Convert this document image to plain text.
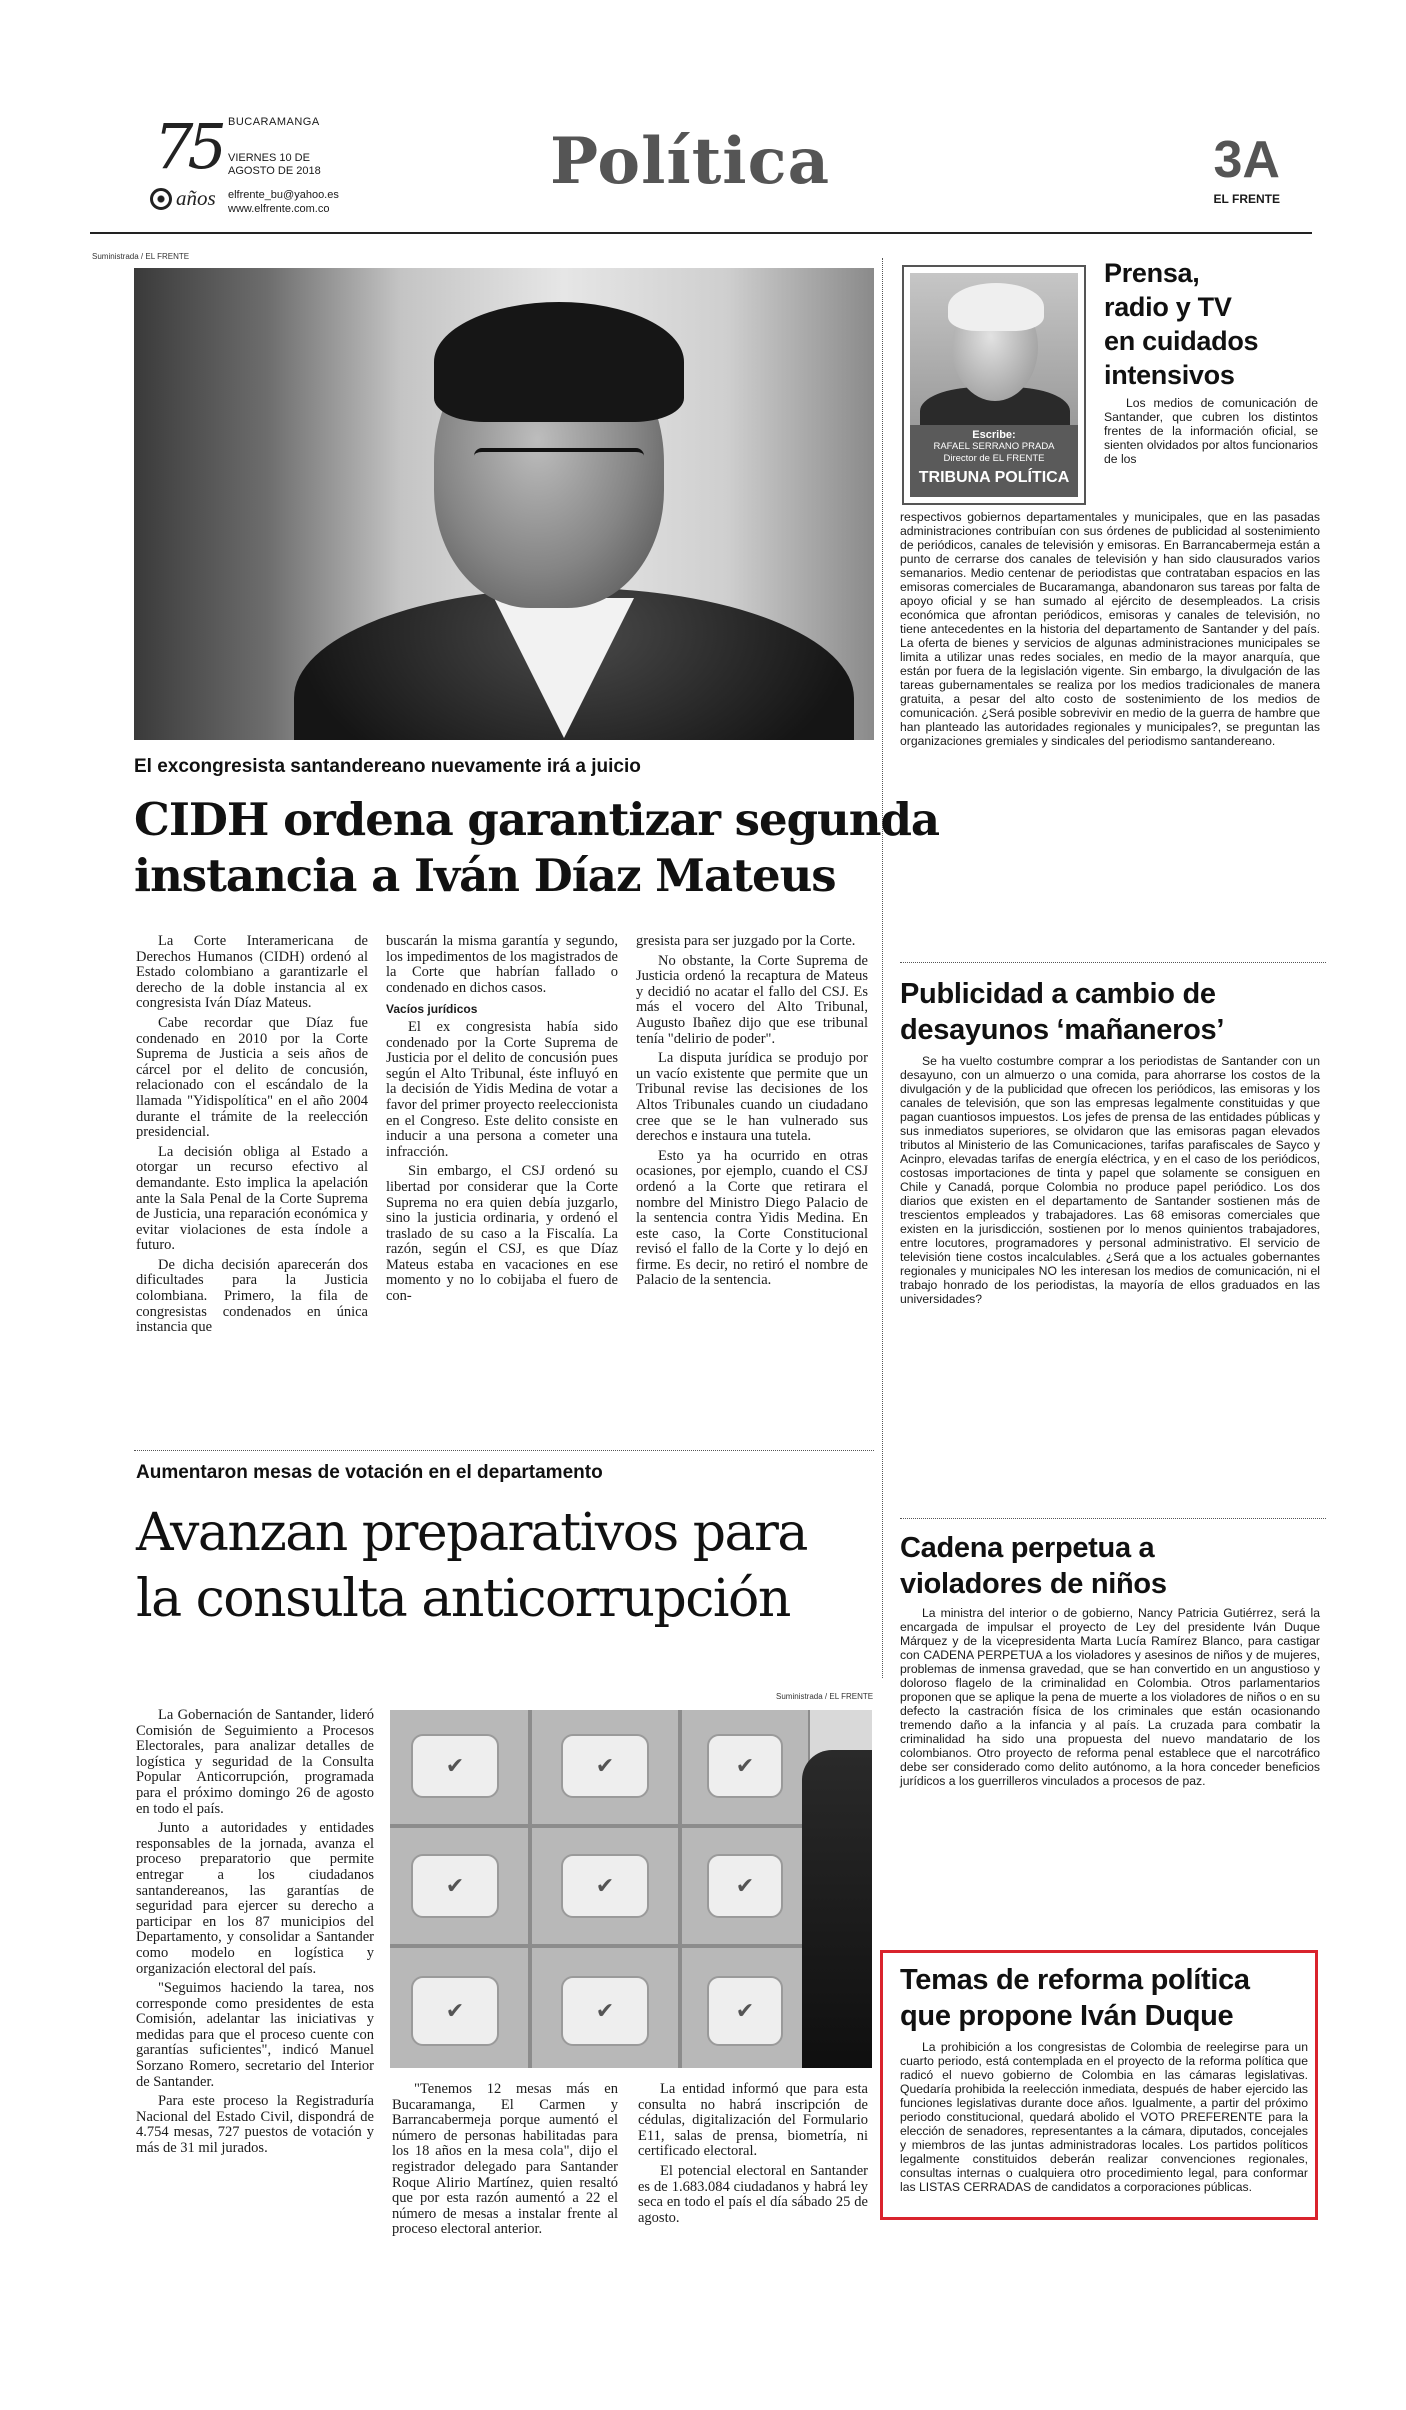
75
años
BUCARAMANGA
VIERNES 10 DE AGOSTO DE 2018
elfrente_bu@yahoo.es
www.elfrente.com.co
Política	3A
EL FRENTE
Suministrada / EL FRENTE
El excongresista santandereano nuevamente irá a juicio
CIDH ordena garantizar segunda
instancia a Iván Díaz Mateus

La Corte Interamericana de Derechos Humanos (CIDH) ordenó al Estado colombiano a garantizarle el derecho de la doble instancia al ex congresista Iván Díaz Mateus.

Cabe recordar que Díaz fue condenado en 2010 por la Corte Suprema de Justicia a seis años de cárcel por el delito de concusión, relacionado con el escándalo de la llamada "Yidispolítica" en el año 2004 durante el trámite de la reelección presidencial.

La decisión obliga al Estado a otorgar un recurso efectivo al demandante. Esto implica la apelación ante la Sala Penal de la Corte Suprema de Justicia, una reparación económica y evitar violaciones de esta índole a futuro.

De dicha decisión aparecerán dos dificultades para la Justicia colombiana. Primero, la fila de congresistas condenados en única instancia que

buscarán la misma garantía y segundo, los impedimentos de los magistrados de la Corte que habrían fallado o condenado en dichos casos.

Vacíos jurídicos

El ex congresista había sido condenado por la Corte Suprema de Justicia por el delito de concusión pues según el Alto Tribunal, éste influyó en la decisión de Yidis Medina de votar a favor del primer proyecto reeleccionista en el Congreso. Este delito consiste en inducir a una persona a cometer una infracción.

Sin embargo, el CSJ ordenó su libertad por considerar que la Corte Suprema no era quien debía juzgarlo, sino la justicia ordinaria, y ordenó el traslado de su caso a la Fiscalía. La razón, según el CSJ, es que Díaz Mateus estaba en vacaciones en ese momento y no lo cobijaba el fuero de con-

gresista para ser juzgado por la Corte.

No obstante, la Corte Suprema de Justicia ordenó la recaptura de Mateus y decidió no acatar el fallo del CSJ. Es más el vocero del Alto Tribunal, Augusto Ibañez dijo que ese tribunal tenía "delirio de poder".

La disputa jurídica se produjo por un vacío existente que permite que un Tribunal revise las decisiones de los Altos Tribunales cuando un ciudadano cree que se le han vulnerado sus derechos e instaura una tutela.

Esto ya ha ocurrido en otras ocasiones, por ejemplo, cuando el CSJ ordenó a la Corte que retirara el nombre del Ministro Diego Palacio de la sentencia contra Yidis Medina. En este caso, la Corte Constitucional revisó el fallo de la Corte y lo dejó en firme. Es decir, no retiró el nombre de Palacio de la sentencia.

Aumentaron mesas de votación en el departamento
Avanzan preparativos para
la consulta anticorrupción
Suministrada / EL FRENTE
✔
✔
✔
✔
✔
✔
✔
✔
✔

La Gobernación de Santander, lideró Comisión de Seguimiento a Procesos Electorales, para analizar detalles de logística y seguridad de la Consulta Popular Anticorrupción, programada para el próximo domingo 26 de agosto en todo el país.

Junto a autoridades y entidades responsables de la jornada, avanza el proceso preparatorio que permite entregar a los ciudadanos santandereanos, las garantías de seguridad para ejercer su derecho a participar en los 87 municipios del Departamento, y consolidar a Santander como modelo en logística y organización electoral del país.

"Seguimos haciendo la tarea, nos corresponde como presidentes de esta Comisión, adelantar las iniciativas y medidas para que el proceso cuente con garantías suficientes", indicó Manuel Sorzano Romero, secretario del Interior de Santander.

Para este proceso la Registraduría Nacional del Estado Civil, dispondrá de 4.754 mesas, 727 puestos de votación y más de 31 mil jurados.

"Tenemos 12 mesas más en Bucaramanga, El Carmen y Barrancabermeja porque aumentó el número de personas habilitadas para los 18 años en la mesa cola", dijo el registrador delegado para Santander Roque Alirio Martínez, quien resaltó que por esta razón aumentó a 22 el número de mesas a instalar frente al proceso electoral anterior.

La entidad informó que para esta consulta no habrá inscripción de cédulas, digitalización del Formulario E11, salas de prensa, biometría, ni certificado electoral.

El potencial electoral en Santander es de 1.683.084 ciudadanos y habrá ley seca en todo el país el día sábado 25 de agosto.

Escribe:
RAFAEL SERRANO PRADA
Director de EL FRENTE
TRIBUNA POLÍTICA
Prensa,
radio y TV
en cuidados
intensivos

Los medios de comunicación de Santander, que cubren los distintos frentes de la información oficial, se sienten olvidados por altos funcionarios de los

respectivos gobiernos departamentales y municipales, que en las pasadas administraciones contribuían con sus órdenes de publicidad al sostenimiento de periódicos, canales de televisión y emisoras. En Barrancabermeja están a punto de cerrarse dos canales de televisión y han sido clausurados varios semanarios. Medio centenar de periodistas que contrataban espacios en las emisoras comerciales de Bucaramanga, abandonaron sus tareas por falta de apoyo oficial y se han sumado al ejército de desempleados. La crisis económica que afrontan periódicos, emisoras y canales de televisión, no tiene antecedentes en la historia del departamento de Santander y del país. La oferta de bienes y servicios de algunas administraciones municipales se limita a utilizar unas redes sociales, en medio de la mayor anarquía, que están por fuera de la legislación vigente. Sin embargo, la divulgación de las tareas gubernamentales se realiza por los medios tradicionales de manera gratuita, a pesar del alto costo de sostenimiento de los medios de comunicación. ¿Será posible sobrevivir en medio de la guerra de hambre que han planteado las autoridades regionales y municipales?, se preguntan las organizaciones gremiales y sindicales del periodismo santandereano.

Publicidad a cambio de
desayunos ‘mañaneros’

Se ha vuelto costumbre comprar a los periodistas de Santander con un desayuno, con un almuerzo o una comida, para ahorrarse los costos de la divulgación y de la publicidad que ofrecen los periódicos, las emisoras y los canales de televisión, que son las empresas legalmente constituidas y que pagan cuantiosos impuestos. Los jefes de prensa de las entidades públicas y sus inmediatos superiores, se olvidaron que las emisoras pagan elevados tributos al Ministerio de las Comunicaciones, tarifas parafiscales de Sayco y Acinpro, elevadas tarifas de energía eléctrica, y en el caso de los periódicos, costosas importaciones de tinta y papel que solamente se consiguen en Chile y Canadá, porque Colombia no produce papel periódico. Los dos diarios que existen en el departamento de Santander sostienen más de trescientos empleados y trabajadores. Las 68 emisoras comerciales que existen en la jurisdicción, sostienen por lo menos quinientos trabajadores, entre locutores, programadores y personal administrativo. El servicio de televisión tiene costos incalculables. ¿Será que a los actuales gobernantes regionales y municipales NO les interesan los medios de comunicación, ni el trabajo honrado de los periodistas, la mayoría de ellos graduados en las universidades?

Cadena perpetua a
violadores de niños

La ministra del interior o de gobierno, Nancy Patricia Gutiérrez, será la encargada de impulsar el proyecto de Ley del presidente Iván Duque Márquez y de la vicepresidenta Marta Lucía Ramírez Blanco, para castigar con CADENA PERPETUA a los violadores y asesinos de niños y de mujeres, problemas de inmensa gravedad, que se han convertido en un angustioso y doloroso flagelo de la criminalidad en Colombia. Otros parlamentarios proponen que se aplique la pena de muerte a los violadores de niños o en su defecto la castración física de los criminales que están ocasionando tremendo daño a la infancia y al país. La cruzada para combatir la criminalidad ha sido una propuesta del nuevo mandatario de los colombianos. Otro proyecto de reforma penal establece que el narcotráfico debe ser considerado como delito autónomo, a la hora conceder beneficios jurídicos a los guerrilleros vinculados a procesos de paz.

Temas de reforma política
que propone Iván Duque

La prohibición a los congresistas de Colombia de reelegirse para un cuarto periodo, está contemplada en el proyecto de la reforma política que radicó el nuevo gobierno de Colombia en las cámaras legislativas. Quedaría prohibida la reelección inmediata, después de haber ejercido las funciones legislativas durante doce años. Igualmente, a partir del próximo periodo constitucional, quedará abolido el VOTO PREFERENTE para la elección de senadores, representantes a la cámara, diputados, concejales y miembros de las juntas administradoras locales. Los partidos políticos legalmente constituidos deberán realizar convenciones regionales, consultas internas o cualquiera otro procedimiento legal, para conformar las LISTAS CERRADAS de candidatos a corporaciones públicas.
